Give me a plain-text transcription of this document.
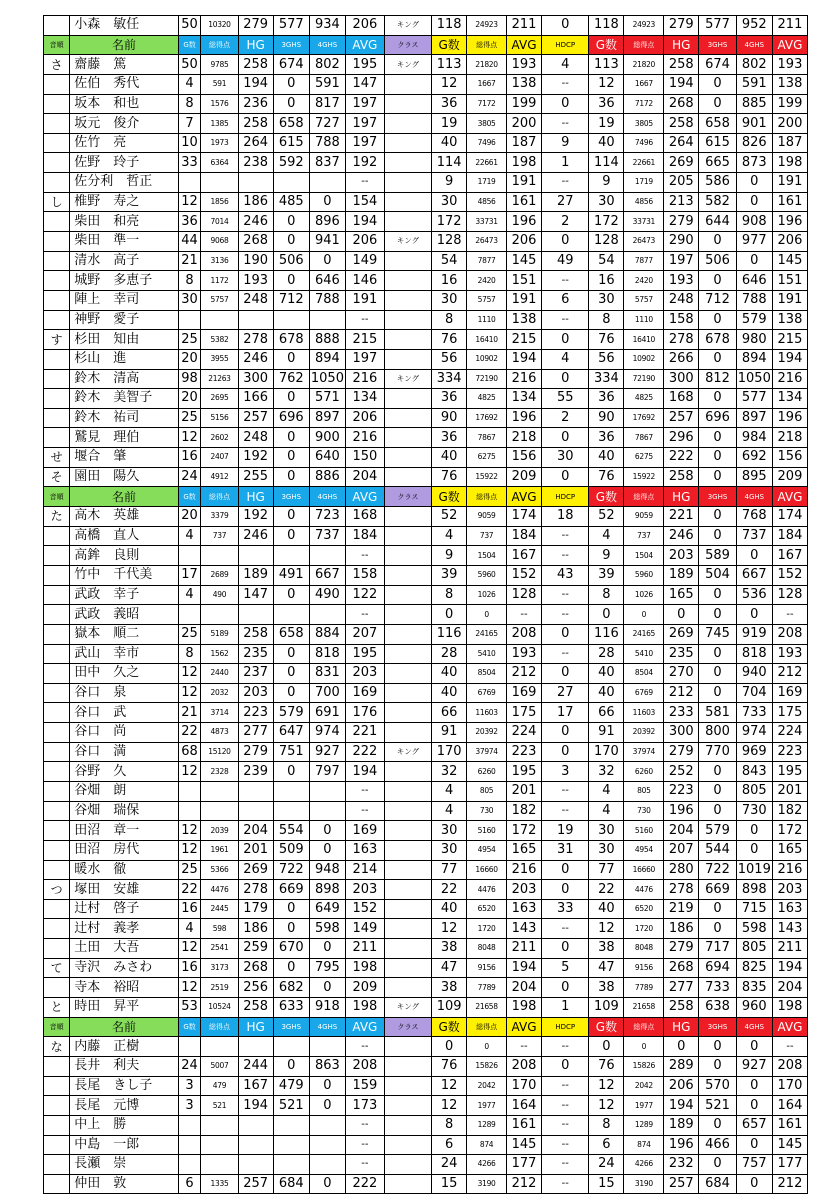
	小森　敏任	50	10320	279	577	934	206	キング	118	24923	211	0	118	24923	279	577	952	211
音順	名前	G数	総得点	HG	3GHS	4GHS	AVG	クラス	G数	総得点	AVG	HDCP	G数	総得点	HG	3GHS	4GHS	AVG
さ	齋藤　篤	50	9785	258	674	802	195	キング	113	21820	193	4	113	21820	258	674	802	193
	佐伯　秀代	4	591	194	0	591	147		12	1667	138	--	12	1667	194	0	591	138
	坂本　和也	8	1576	236	0	817	197		36	7172	199	0	36	7172	268	0	885	199
	坂元　俊介	7	1385	258	658	727	197		19	3805	200	--	19	3805	258	658	901	200
	佐竹　亮	10	1973	264	615	788	197		40	7496	187	9	40	7496	264	615	826	187
	佐野　玲子	33	6364	238	592	837	192		114	22661	198	1	114	22661	269	665	873	198
	佐分利　哲正						--		9	1719	191	--	9	1719	205	586	0	191
し	椎野　寿之	12	1856	186	485	0	154		30	4856	161	27	30	4856	213	582	0	161
	柴田　和亮	36	7014	246	0	896	194		172	33731	196	2	172	33731	279	644	908	196
	柴田　準一	44	9068	268	0	941	206	キング	128	26473	206	0	128	26473	290	0	977	206
	清水　高子	21	3136	190	506	0	149		54	7877	145	49	54	7877	197	506	0	145
	城野　多恵子	8	1172	193	0	646	146		16	2420	151	--	16	2420	193	0	646	151
	陣上　幸司	30	5757	248	712	788	191		30	5757	191	6	30	5757	248	712	788	191
	神野　愛子						--		8	1110	138	--	8	1110	158	0	579	138
す	杉田　知由	25	5382	278	678	888	215		76	16410	215	0	76	16410	278	678	980	215
	杉山　進	20	3955	246	0	894	197		56	10902	194	4	56	10902	266	0	894	194
	鈴木　清高	98	21263	300	762	1050	216	キング	334	72190	216	0	334	72190	300	812	1050	216
	鈴木　美智子	20	2695	166	0	571	134		36	4825	134	55	36	4825	168	0	577	134
	鈴木　祐司	25	5156	257	696	897	206		90	17692	196	2	90	17692	257	696	897	196
	鷲見　理伯	12	2602	248	0	900	216		36	7867	218	0	36	7867	296	0	984	218
せ	堰合　肇	16	2407	192	0	640	150		40	6275	156	30	40	6275	222	0	692	156
そ	園田　陽久	24	4912	255	0	886	204		76	15922	209	0	76	15922	258	0	895	209
音順	名前	G数	総得点	HG	3GHS	4GHS	AVG	クラス	G数	総得点	AVG	HDCP	G数	総得点	HG	3GHS	4GHS	AVG
た	高木　英雄	20	3379	192	0	723	168		52	9059	174	18	52	9059	221	0	768	174
	高橋　直人	4	737	246	0	737	184		4	737	184	--	4	737	246	0	737	184
	高鉾　良則						--		9	1504	167	--	9	1504	203	589	0	167
	竹中　千代美	17	2689	189	491	667	158		39	5960	152	43	39	5960	189	504	667	152
	武政　幸子	4	490	147	0	490	122		8	1026	128	--	8	1026	165	0	536	128
	武政　義昭						--		0	0	--	--	0	0	0	0	0	--
	嶽本　順二	25	5189	258	658	884	207		116	24165	208	0	116	24165	269	745	919	208
	武山　幸市	8	1562	235	0	818	195		28	5410	193	--	28	5410	235	0	818	193
	田中　久之	12	2440	237	0	831	203		40	8504	212	0	40	8504	270	0	940	212
	谷口　泉	12	2032	203	0	700	169		40	6769	169	27	40	6769	212	0	704	169
	谷口　武	21	3714	223	579	691	176		66	11603	175	17	66	11603	233	581	733	175
	谷口　尚	22	4873	277	647	974	221		91	20392	224	0	91	20392	300	800	974	224
	谷口　満	68	15120	279	751	927	222	キング	170	37974	223	0	170	37974	279	770	969	223
	谷野　久	12	2328	239	0	797	194		32	6260	195	3	32	6260	252	0	843	195
	谷畑　朗						--		4	805	201	--	4	805	223	0	805	201
	谷畑　瑞保						--		4	730	182	--	4	730	196	0	730	182
	田沼　章一	12	2039	204	554	0	169		30	5160	172	19	30	5160	204	579	0	172
	田沼　房代	12	1961	201	509	0	163		30	4954	165	31	30	4954	207	544	0	165
	暖水　徹	25	5366	269	722	948	214		77	16660	216	0	77	16660	280	722	1019	216
つ	塚田　安雄	22	4476	278	669	898	203		22	4476	203	0	22	4476	278	669	898	203
	辻村　啓子	16	2445	179	0	649	152		40	6520	163	33	40	6520	219	0	715	163
	辻村　義孝	4	598	186	0	598	149		12	1720	143	--	12	1720	186	0	598	143
	土田　大吾	12	2541	259	670	0	211		38	8048	211	0	38	8048	279	717	805	211
て	寺沢　みさわ	16	3173	268	0	795	198		47	9156	194	5	47	9156	268	694	825	194
	寺本　裕昭	12	2519	256	682	0	209		38	7789	204	0	38	7789	277	733	835	204
と	時田　昇平	53	10524	258	633	918	198	キング	109	21658	198	1	109	21658	258	638	960	198
音順	名前	G数	総得点	HG	3GHS	4GHS	AVG	クラス	G数	総得点	AVG	HDCP	G数	総得点	HG	3GHS	4GHS	AVG
な	内藤　正樹						--		0	0	--	--	0	0	0	0	0	--
	長井　利夫	24	5007	244	0	863	208		76	15826	208	0	76	15826	289	0	927	208
	長尾　きし子	3	479	167	479	0	159		12	2042	170	--	12	2042	206	570	0	170
	長尾　元博	3	521	194	521	0	173		12	1977	164	--	12	1977	194	521	0	164
	中上　勝						--		8	1289	161	--	8	1289	189	0	657	161
	中島　一郎						--		6	874	145	--	6	874	196	466	0	145
	長瀬　崇						--		24	4266	177	--	24	4266	232	0	757	177
	仲田　敦	6	1335	257	684	0	222		15	3190	212	--	15	3190	257	684	0	212
